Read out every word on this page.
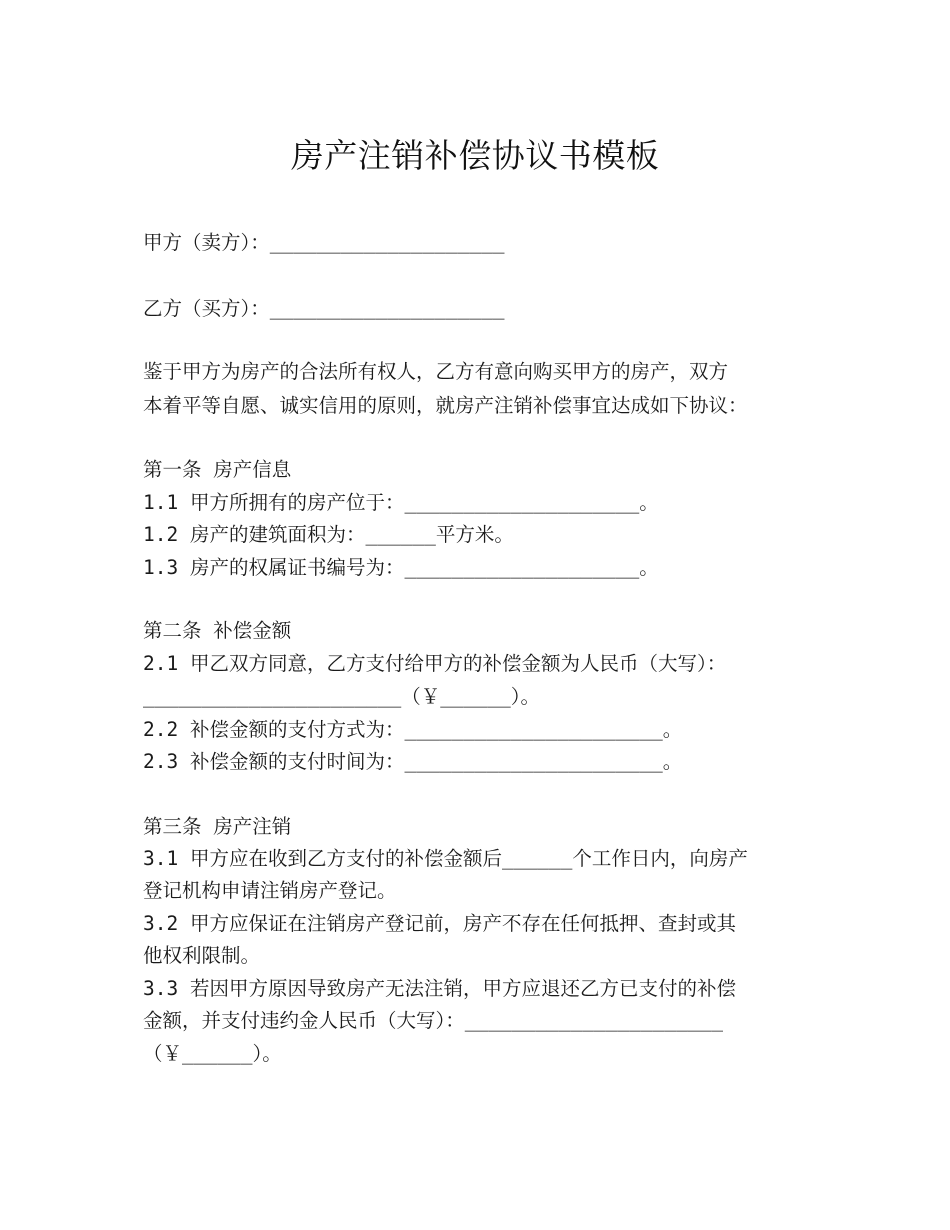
房产注销补偿协议书模板
甲方（卖方）：____________________
乙方（买方）：____________________
鉴于甲方为房产的合法所有权人，乙方有意向购买甲方的房产，双方
本着平等自愿、诚实信用的原则，就房产注销补偿事宜达成如下协议：
第一条 房产信息
1.1 甲方所拥有的房产位于：____________________。
1.2 房产的建筑面积为：______平方米。
1.3 房产的权属证书编号为：____________________。
第二条 补偿金额
2.1 甲乙双方同意，乙方支付给甲方的补偿金额为人民币（大写）：
______________________（￥______）。
2.2 补偿金额的支付方式为：______________________。
2.3 补偿金额的支付时间为：______________________。
第三条 房产注销
3.1 甲方应在收到乙方支付的补偿金额后______个工作日内，向房产
登记机构申请注销房产登记。
3.2 甲方应保证在注销房产登记前，房产不存在任何抵押、查封或其
他权利限制。
3.3 若因甲方原因导致房产无法注销，甲方应退还乙方已支付的补偿
金额，并支付违约金人民币（大写）：______________________
（￥______）。
